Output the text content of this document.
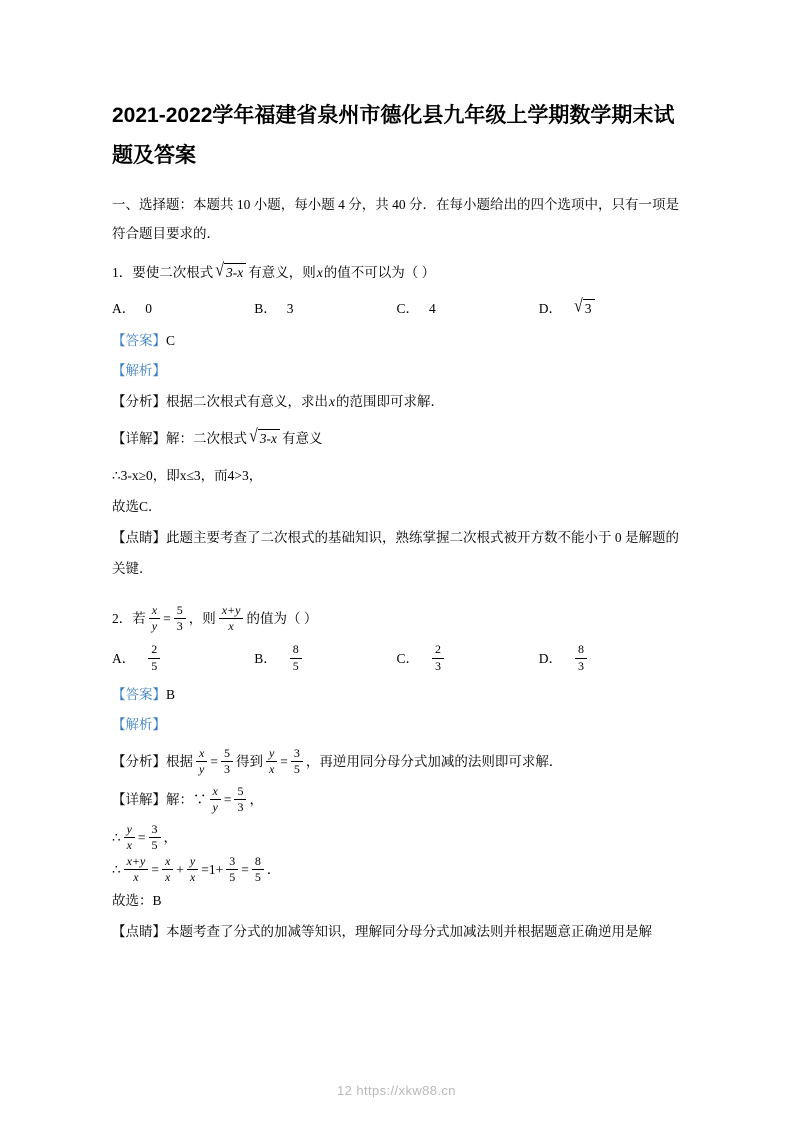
2021-2022学年福建省泉州市德化县九年级上学期数学期末试题及答案

一、选择题：本题共 10 小题，每小题 4 分，共 40 分．在每小题给出的四个选项中，只有一项是符合题目要求的．

1．要使二次根式 √ 3-x 有意义，则x的值不可以为（ ）

A． 0	B． 3	C． 4	D． √ 3

【答案】C

【解析】

【分析】根据二次根式有意义，求出x的范围即可求解．

【详解】解：二次根式 √ 3-x 有意义

∴3-x≥0，即x≤3，而4>3，

故选C．

【点睛】此题主要考查了二次根式的基础知识，熟练掌握二次根式被开方数不能小于 0 是解题的关键．

2．若 $\frac{x}{y} = \frac{5}{3}$ ，则 $\frac{x+y}{x}$ 的值为（ ）

A． $\frac{2}{5}$	B． $\frac{8}{5}$	C． $\frac{2}{3}$	D． $\frac{8}{3}$

【答案】B

【解析】

【分析】根据 $\frac{x}{y} = \frac{5}{3}$ 得到 $\frac{y}{x} = \frac{3}{5}$ ，再逆用同分母分式加减的法则即可求解．

【详解】解：∵ $\frac{x}{y} = \frac{5}{3}$ ，

∴ $\frac{y}{x} = \frac{3}{5}$ ，

∴ $\frac{x+y}{x} = \frac{x}{x} + \frac{y}{x} =1+ \frac{3}{5} = \frac{8}{5}$ ．

故选：B

【点睛】本题考查了分式的加减等知识，理解同分母分式加减法则并根据题意正确逆用是解

12 https://xkw88.cn
